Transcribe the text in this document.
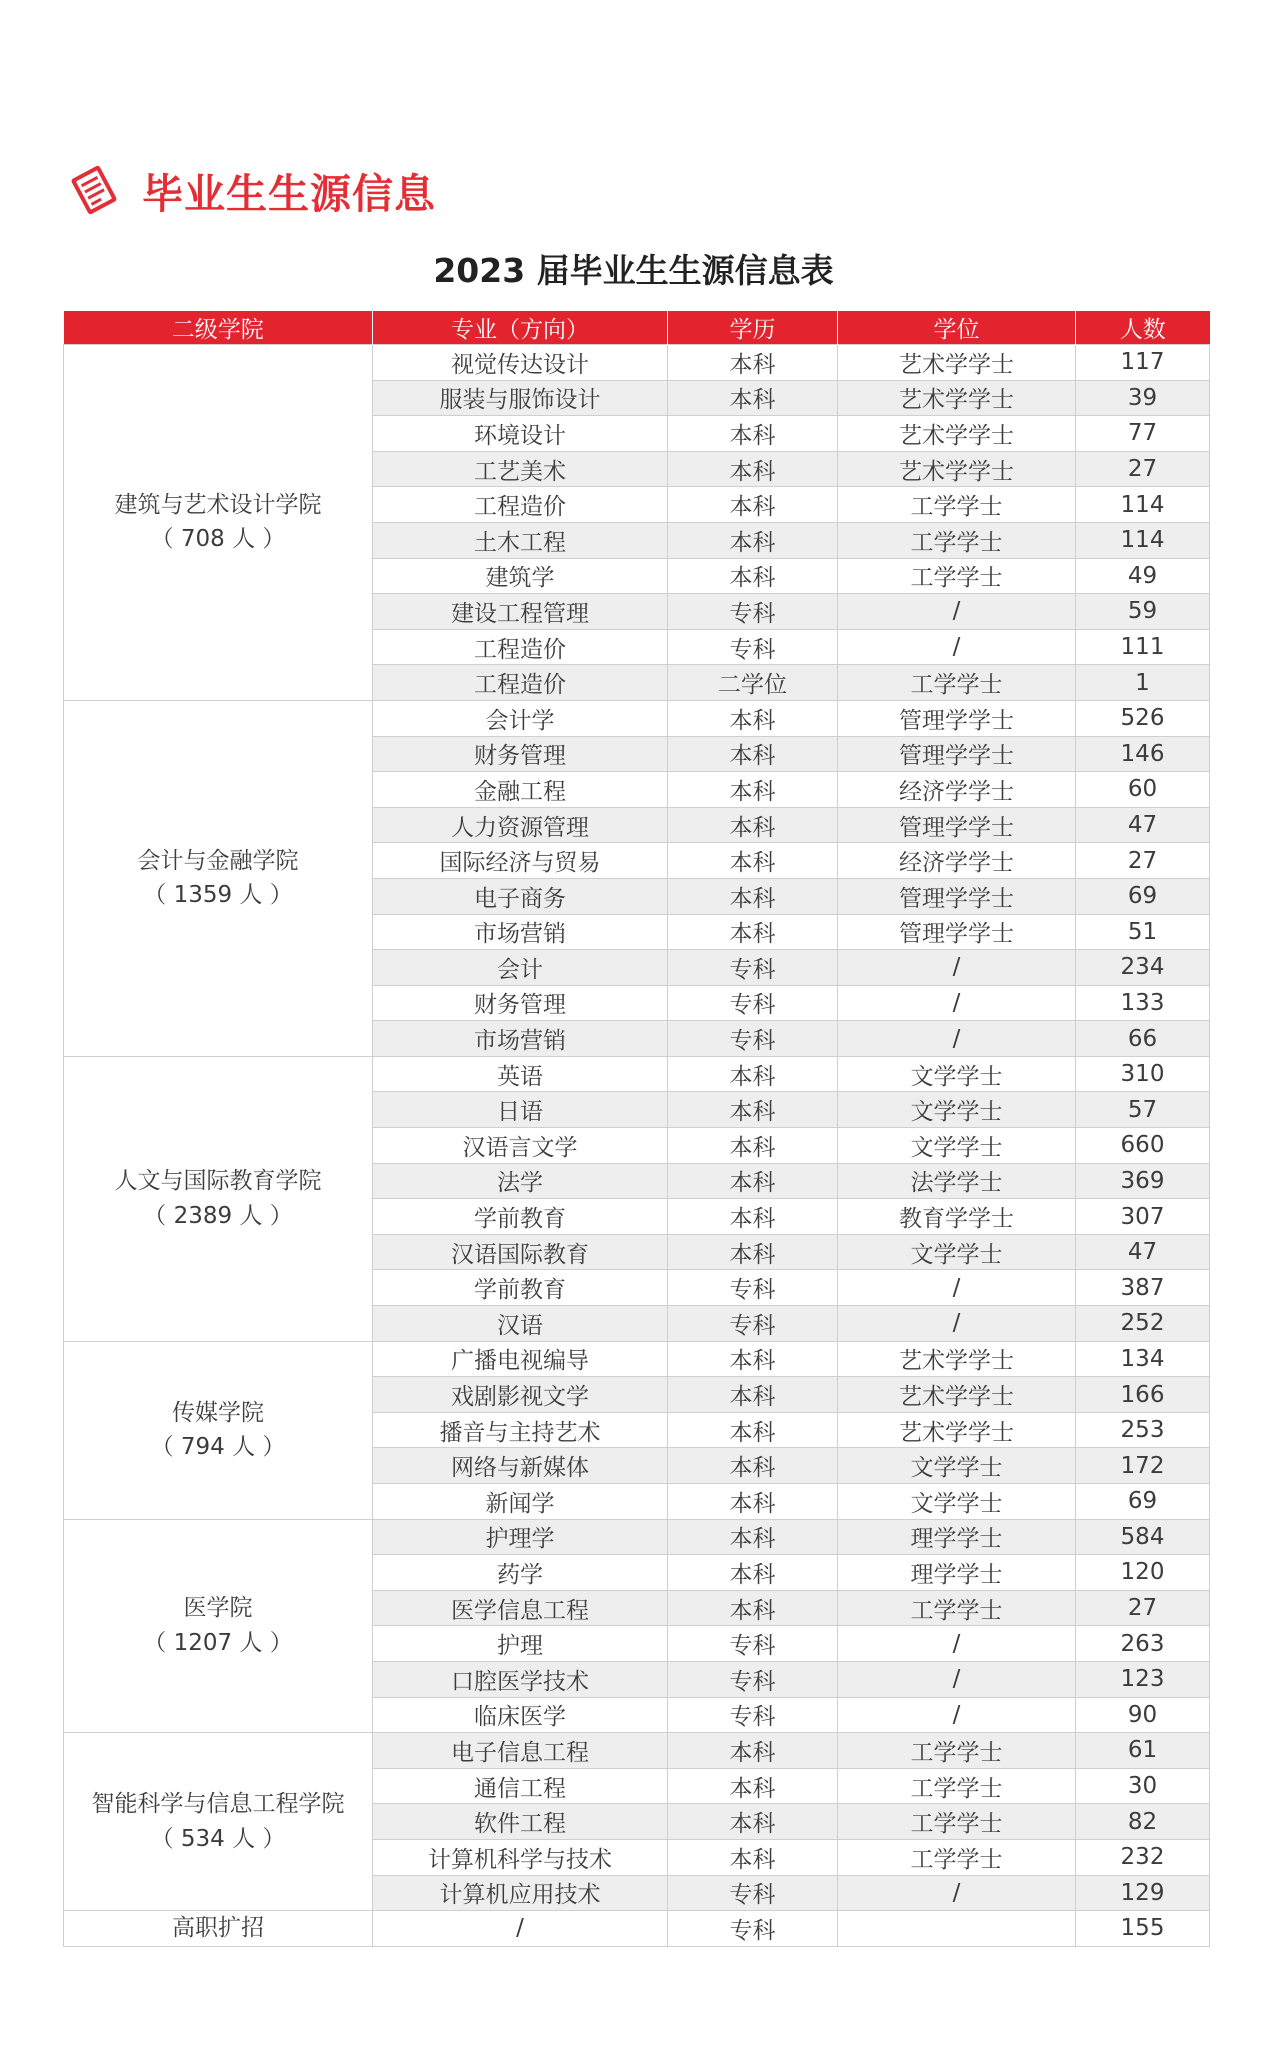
毕业生生源信息
2023 届毕业生生源信息表
二级学院	专业（方向）	学历	学位	人数

建筑与艺术设计学院
（ 708 人 ）	视觉传达设计	本科	艺术学学士	117
	服装与服饰设计	本科	艺术学学士	39
	环境设计	本科	艺术学学士	77
	工艺美术	本科	艺术学学士	27
	工程造价	本科	工学学士	114
	土木工程	本科	工学学士	114
	建筑学	本科	工学学士	49
	建设工程管理	专科	/	59
	工程造价	专科	/	111
	工程造价	二学位	工学学士	1

会计与金融学院
（ 1359 人 ）	会计学	本科	管理学学士	526
	财务管理	本科	管理学学士	146
	金融工程	本科	经济学学士	60
	人力资源管理	本科	管理学学士	47
	国际经济与贸易	本科	经济学学士	27
	电子商务	本科	管理学学士	69
	市场营销	本科	管理学学士	51
	会计	专科	/	234
	财务管理	专科	/	133
	市场营销	专科	/	66

人文与国际教育学院
（ 2389 人 ）	英语	本科	文学学士	310
	日语	本科	文学学士	57
	汉语言文学	本科	文学学士	660
	法学	本科	法学学士	369
	学前教育	本科	教育学学士	307
	汉语国际教育	本科	文学学士	47
	学前教育	专科	/	387
	汉语	专科	/	252

传媒学院
（ 794 人 ）	广播电视编导	本科	艺术学学士	134
	戏剧影视文学	本科	艺术学学士	166
	播音与主持艺术	本科	艺术学学士	253
	网络与新媒体	本科	文学学士	172
	新闻学	本科	文学学士	69

医学院
（ 1207 人 ）	护理学	本科	理学学士	584
	药学	本科	理学学士	120
	医学信息工程	本科	工学学士	27
	护理	专科	/	263
	口腔医学技术	专科	/	123
	临床医学	专科	/	90

智能科学与信息工程学院
（ 534 人 ）	电子信息工程	本科	工学学士	61
	通信工程	本科	工学学士	30
	软件工程	本科	工学学士	82
	计算机科学与技术	本科	工学学士	232
	计算机应用技术	专科	/	129
高职扩招	/	专科		155
